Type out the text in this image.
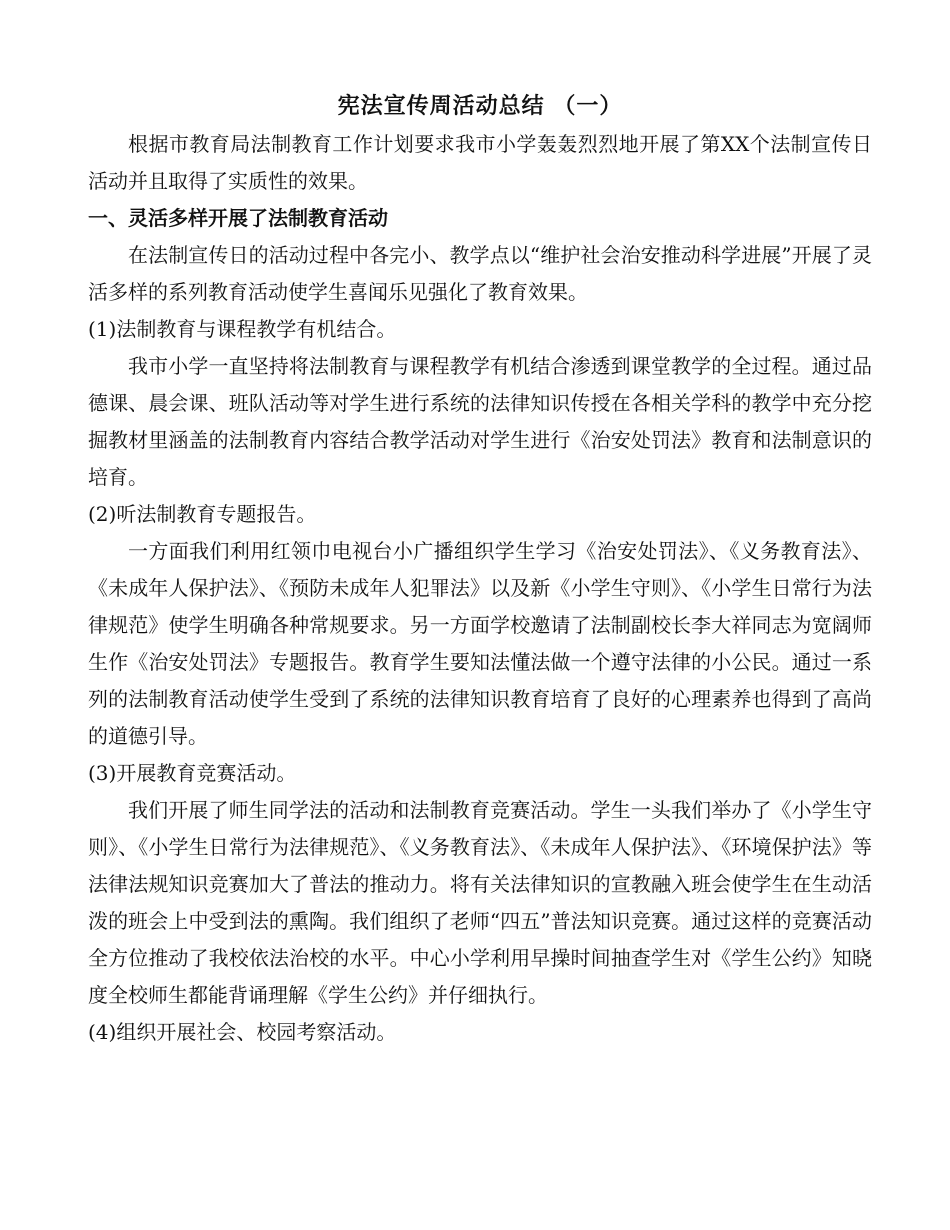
宪法宣传周活动总结 （一）

根据市教育局法制教育工作计划要求我市小学轰轰烈烈地开展了第XX个法制宣传日活动并且取得了实质性的效果。

一、灵活多样开展了法制教育活动

在法制宣传日的活动过程中各完小、教学点以“维护社会治安推动科学进展”开展了灵活多样的系列教育活动使学生喜闻乐见强化了教育效果。

(1)法制教育与课程教学有机结合。

我市小学一直坚持将法制教育与课程教学有机结合渗透到课堂教学的全过程。通过品德课、晨会课、班队活动等对学生进行系统的法律知识传授在各相关学科的教学中充分挖掘教材里涵盖的法制教育内容结合教学活动对学生进行《治安处罚法》教育和法制意识的培育。

(2)听法制教育专题报告。

一方面我们利用红领巾电视台小广播组织学生学习《治安处罚法》、《义务教育法》、《未成年人保护法》、《预防未成年人犯罪法》以及新《小学生守则》、《小学生日常行为法律规范》使学生明确各种常规要求。另一方面学校邀请了法制副校长李大祥同志为宽阔师生作《治安处罚法》专题报告。教育学生要知法懂法做一个遵守法律的小公民。通过一系列的法制教育活动使学生受到了系统的法律知识教育培育了良好的心理素养也得到了高尚的道德引导。

(3)开展教育竞赛活动。

我们开展了师生同学法的活动和法制教育竞赛活动。学生一头我们举办了《小学生守则》、《小学生日常行为法律规范》、《义务教育法》、《未成年人保护法》、《环境保护法》等法律法规知识竞赛加大了普法的推动力。将有关法律知识的宣教融入班会使学生在生动活泼的班会上中受到法的熏陶。我们组织了老师“四五”普法知识竞赛。通过这样的竞赛活动全方位推动了我校依法治校的水平。中心小学利用早操时间抽查学生对《学生公约》知晓度全校师生都能背诵理解《学生公约》并仔细执行。

(4)组织开展社会、校园考察活动。
